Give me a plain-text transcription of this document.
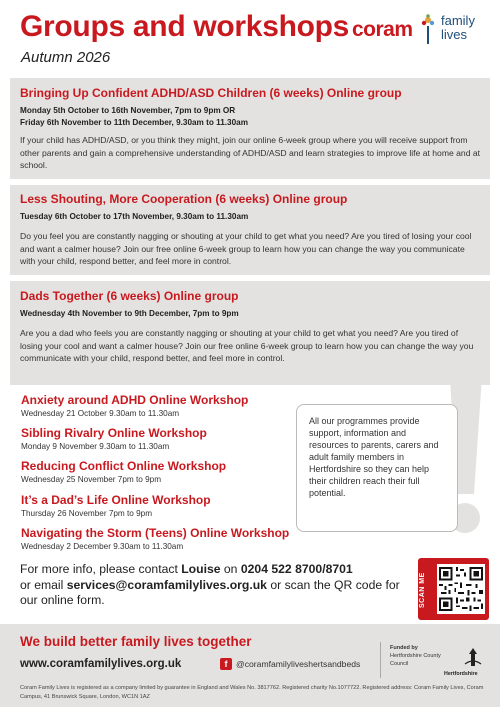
Groups and workshops
Autumn 2026
coram family
lives
Bringing Up Confident ADHD/ASD Children (6 weeks) Online group
Monday 5th October to 16th November, 7pm to 9pm OR
Friday 6th November to 11th December, 9.30am to 11.30am
If your child has ADHD/ASD, or you think they might, join our online 6-week group where you will receive support from other parents and gain a comprehensive understanding of ADHD/ASD and learn strategies to improve life at home and at school.
Less Shouting, More Cooperation (6 weeks) Online group
Tuesday 6th October to 17th November, 9.30am to 11.30am
Do you feel you are constantly nagging or shouting at your child to get what you need? Are you tired of losing your cool and want a calmer house? Join our free online 6-week group to learn how you can change the way you communicate with your child, respond better, and feel more in control.
Dads Together (6 weeks) Online group
Wednesday 4th November to 9th December, 7pm to 9pm
Are you a dad who feels you are constantly nagging or shouting at your child to get what you need? Are you tired of losing your cool and want a calmer house? Join our free online 6-week group to learn how you can change the way you communicate with your child, respond better, and feel more in control.
Anxiety around ADHD Online Workshop

Wednesday 21 October 9.30am to 11.30am

Sibling Rivalry Online Workshop

Monday 9 November 9.30am to 11.30am

Reducing Conflict Online Workshop

Wednesday 25 November 7pm to 9pm

It’s a Dad’s Life Online Workshop

Thursday 26 November 7pm to 9pm

Navigating the Storm (Teens) Online Workshop

Wednesday 2 December 9.30am to 11.30am

All our programmes provide support, information and resources to parents, carers and adult family members in Hertfordshire so they can help their children reach their full potential.

For more info, please contact Louise on 0204 522 8700/8701
or email services@coramfamilylives.org.uk or scan the QR code for our online form.	SCAN ME
We build better family lives together
www.coramfamilylives.org.uk	f @coramfamilyliveshertsandbeds
Funded by
Hertfordshire County Council
Hertfordshire
Coram Family Lives is registered as a company limited by guarantee in England and Wales No. 3817762. Registered charity No.1077722. Registered address: Coram Family Lives, Coram Campus, 41 Brunswick Square, London, WC1N 1AZ
